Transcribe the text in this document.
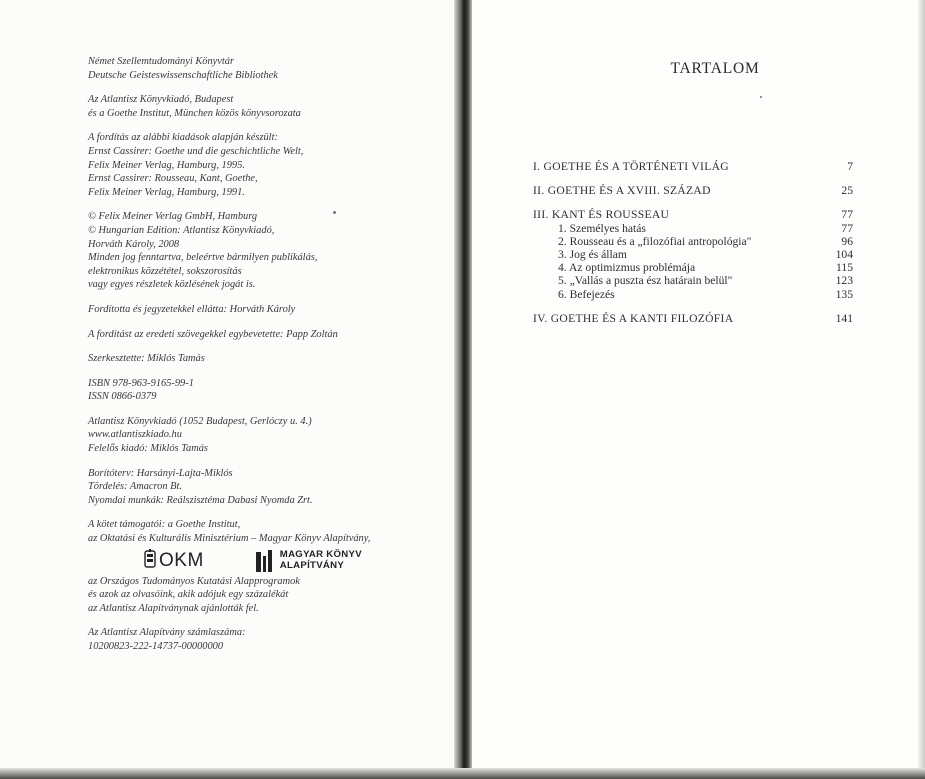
Német Szellemtudományi Könyvtár
Deutsche Geisteswissenschaftliche Bibliothek
Az Atlantisz Könyvkiadó, Budapest
és a Goethe Institut, München közös könyvsorozata
A fordítás az alábbi kiadások alapján készült:
Ernst Cassirer: Goethe und die geschichtliche Welt,
Felix Meiner Verlag, Hamburg, 1995.
Ernst Cassirer: Rousseau, Kant, Goethe,
Felix Meiner Verlag, Hamburg, 1991.
© Felix Meiner Verlag GmbH, Hamburg
© Hungarian Edition: Atlantisz Könyvkiadó,
Horváth Károly, 2008
Minden jog fenntartva, beleértve bármilyen publikálás,
elektronikus közzététel, sokszorosítás
vagy egyes részletek közlésének jogát is.
Fordította és jegyzetekkel ellátta: Horváth Károly
A fordítást az eredeti szövegekkel egybevetette: Papp Zoltán
Szerkesztette: Miklós Tamás
ISBN 978-963-9165-99-1
ISSN 0866-0379
Atlantisz Könyvkiadó (1052 Budapest, Gerlóczy u. 4.)
www.atlantiszkiado.hu
Felelős kiadó: Miklós Tamás
Borítóterv: Harsányi-Lajta-Miklós
Tördelés: Amacron Bt.
Nyomdai munkák: Reálszisztéma Dabasi Nyomda Zrt.
A kötet támogatói: a Goethe Institut,
az Oktatási és Kulturális Minisztérium – Magyar Könyv Alapítvány,
OKM	MAGYAR KÖNYV
ALAPÍTVÁNY
az Országos Tudományos Kutatási Alapprogramok
és azok az olvasóink, akik adójuk egy százalékát
az Atlantisz Alapítványnak ajánlották fel.
Az Atlantisz Alapítvány számlaszáma:
10200823-222-14737-00000000
TARTALOM
I. GOETHE ÉS A TÖRTÉNETI VILÁG	7
II. GOETHE ÉS A XVIII. SZÁZAD	25
III. KANT ÉS ROUSSEAU	77
1. Személyes hatás	77
2. Rousseau és a „filozófiai antropológia"	96
3. Jog és állam	104
4. Az optimizmus problémája	115
5. „Vallás a puszta ész határain belül"	123
6. Befejezés	135
IV. GOETHE ÉS A KANTI FILOZÓFIA	141
